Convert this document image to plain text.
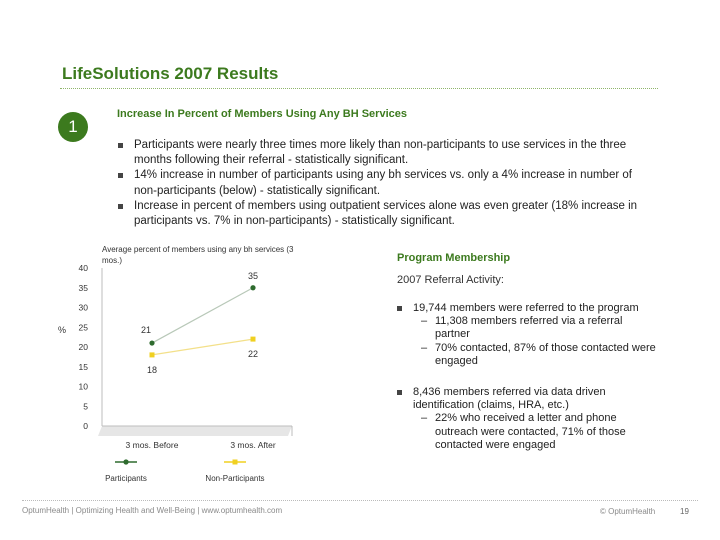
LifeSolutions 2007 Results
1
Increase In Percent of Members Using Any BH Services
Participants were nearly three times more likely than non-participants to use services in the three months following their referral - statistically significant.
14% increase in number of participants using any bh services vs. only a 4% increase in number of non-participants (below) - statistically significant.
Increase in percent of members using outpatient services alone was even greater (18% increase in participants vs. 7% in non-participants) - statistically significant.
Average percent of members using any bh services (3 mos.)
0
5
10
15
20
25
30
35
40
%
3 mos. Before	3 mos. After
21
35
18
22
Participants	Non-Participants
Program Membership
2007 Referral Activity:
19,744 members were referred to the program
– 11,308 members referred via a referral partner
– 70% contacted, 87% of those contacted were engaged
8,436 members referred via data driven identification (claims, HRA, etc.)
– 22% who received a letter and phone outreach were contacted, 71% of those contacted were engaged
OptumHealth | Optimizing Health and Well-Being | www.optumhealth.com	© OptumHealth	19
